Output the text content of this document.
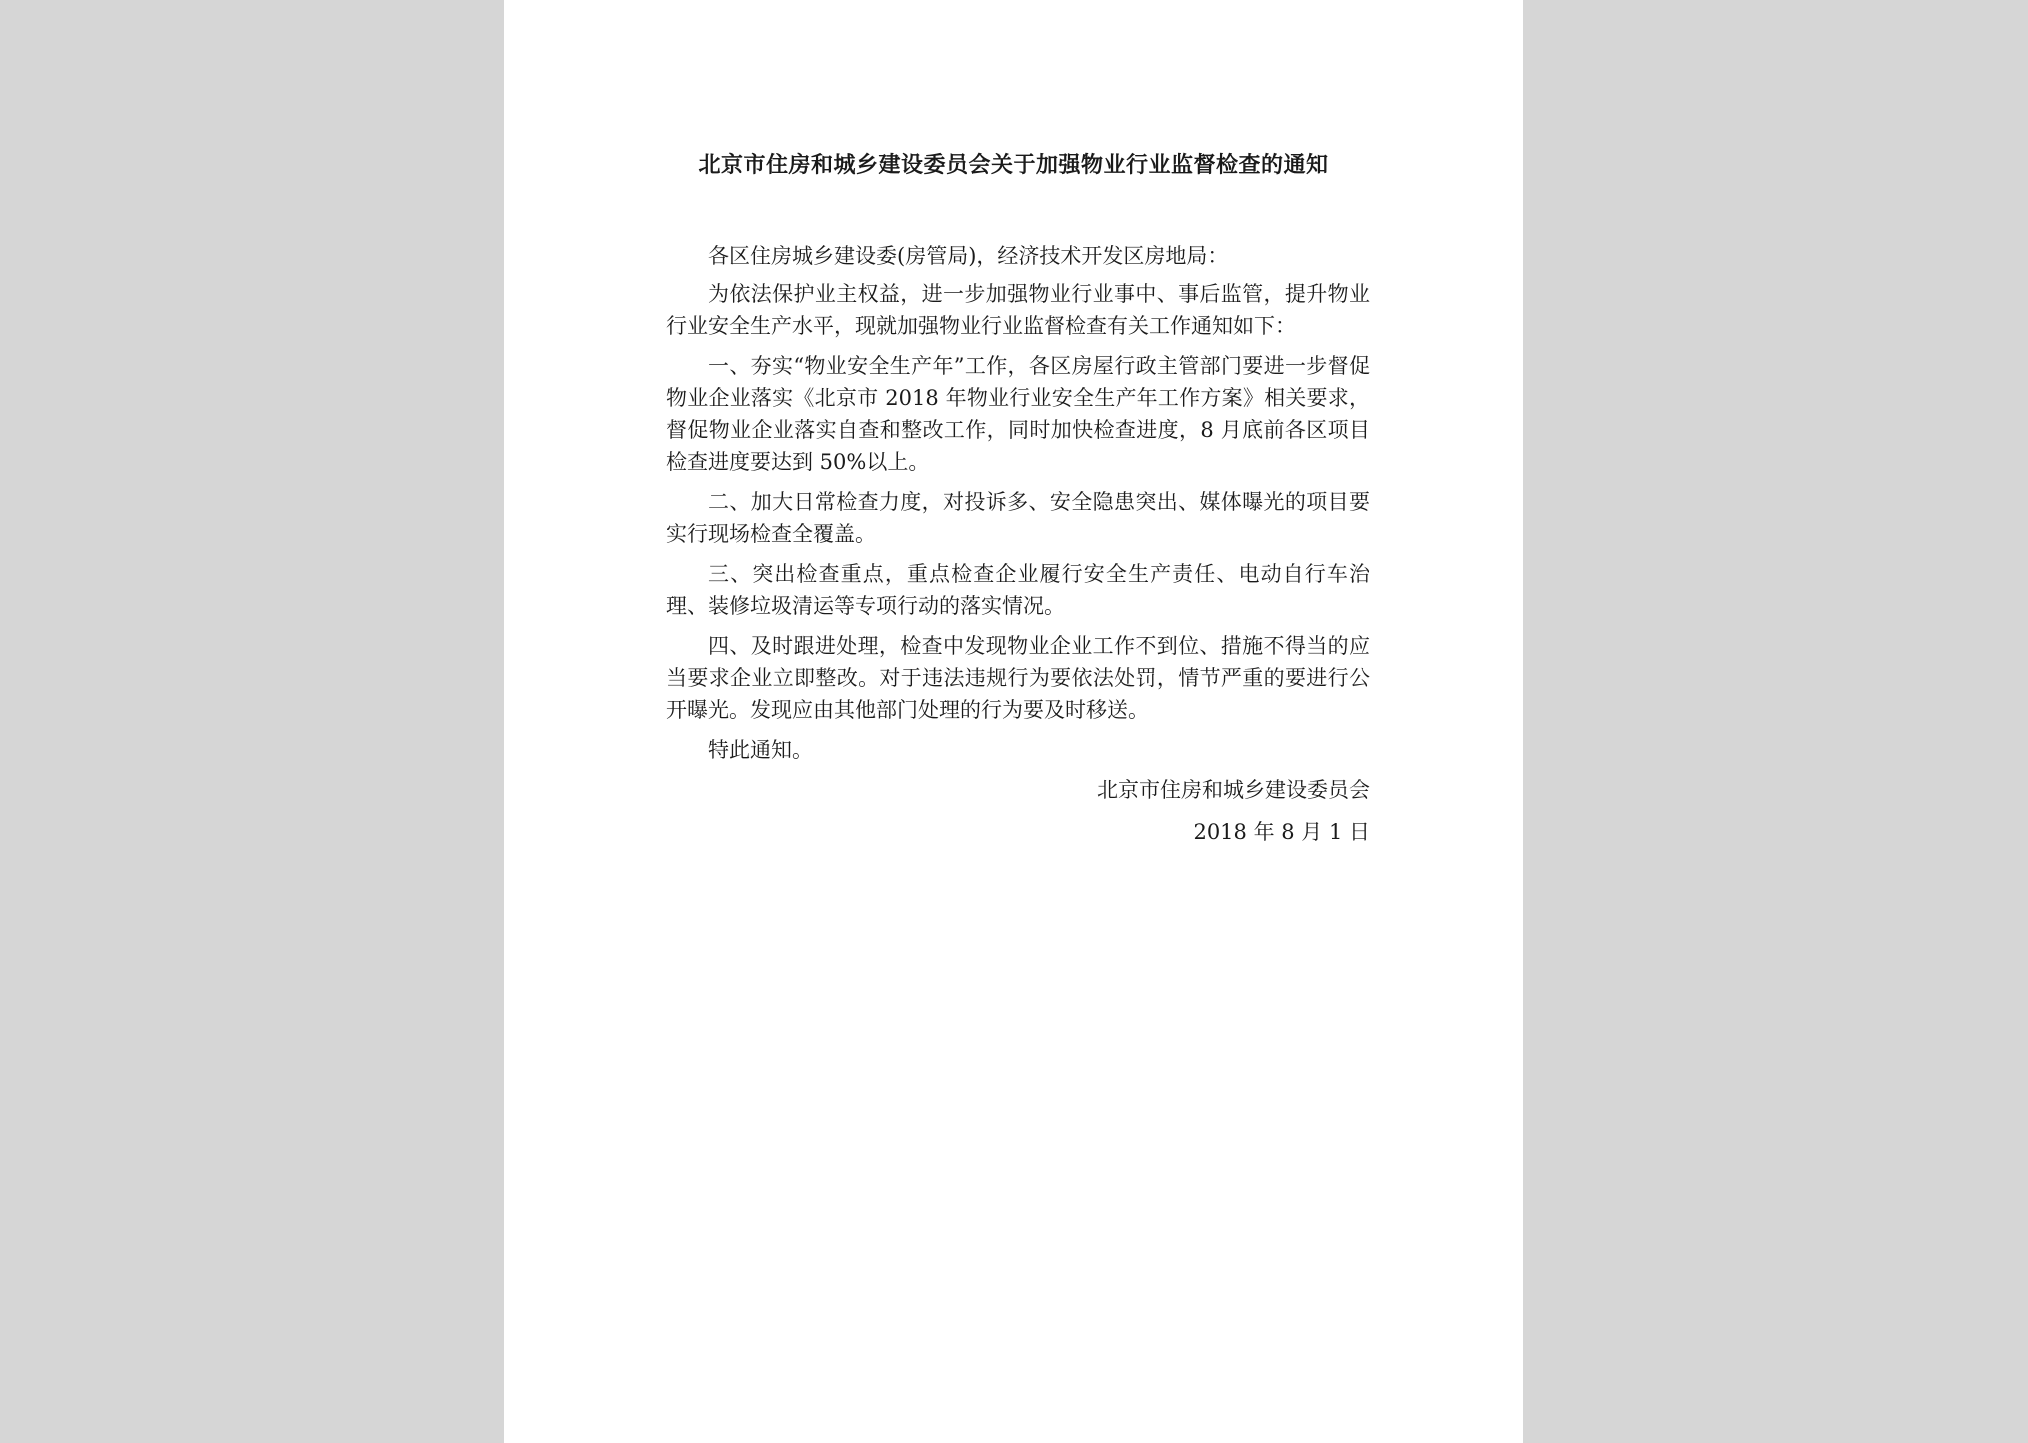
北京市住房和城乡建设委员会关于加强物业行业监督检查的通知

各区住房城乡建设委(房管局)，经济技术开发区房地局：

为依法保护业主权益，进一步加强物业行业事中、事后监管，提升物业行业安全生产水平，现就加强物业行业监督检查有关工作通知如下：

一、夯实“物业安全生产年”工作，各区房屋行政主管部门要进一步督促物业企业落实《北京市 2018 年物业行业安全生产年工作方案》相关要求，督促物业企业落实自查和整改工作，同时加快检查进度，8 月底前各区项目检查进度要达到 50%以上。

二、加大日常检查力度，对投诉多、安全隐患突出、媒体曝光的项目要实行现场检查全覆盖。

三、突出检查重点，重点检查企业履行安全生产责任、电动自行车治理、装修垃圾清运等专项行动的落实情况。

四、及时跟进处理，检查中发现物业企业工作不到位、措施不得当的应当要求企业立即整改。对于违法违规行为要依法处罚，情节严重的要进行公开曝光。发现应由其他部门处理的行为要及时移送。

特此通知。

北京市住房和城乡建设委员会

2018 年 8 月 1 日
